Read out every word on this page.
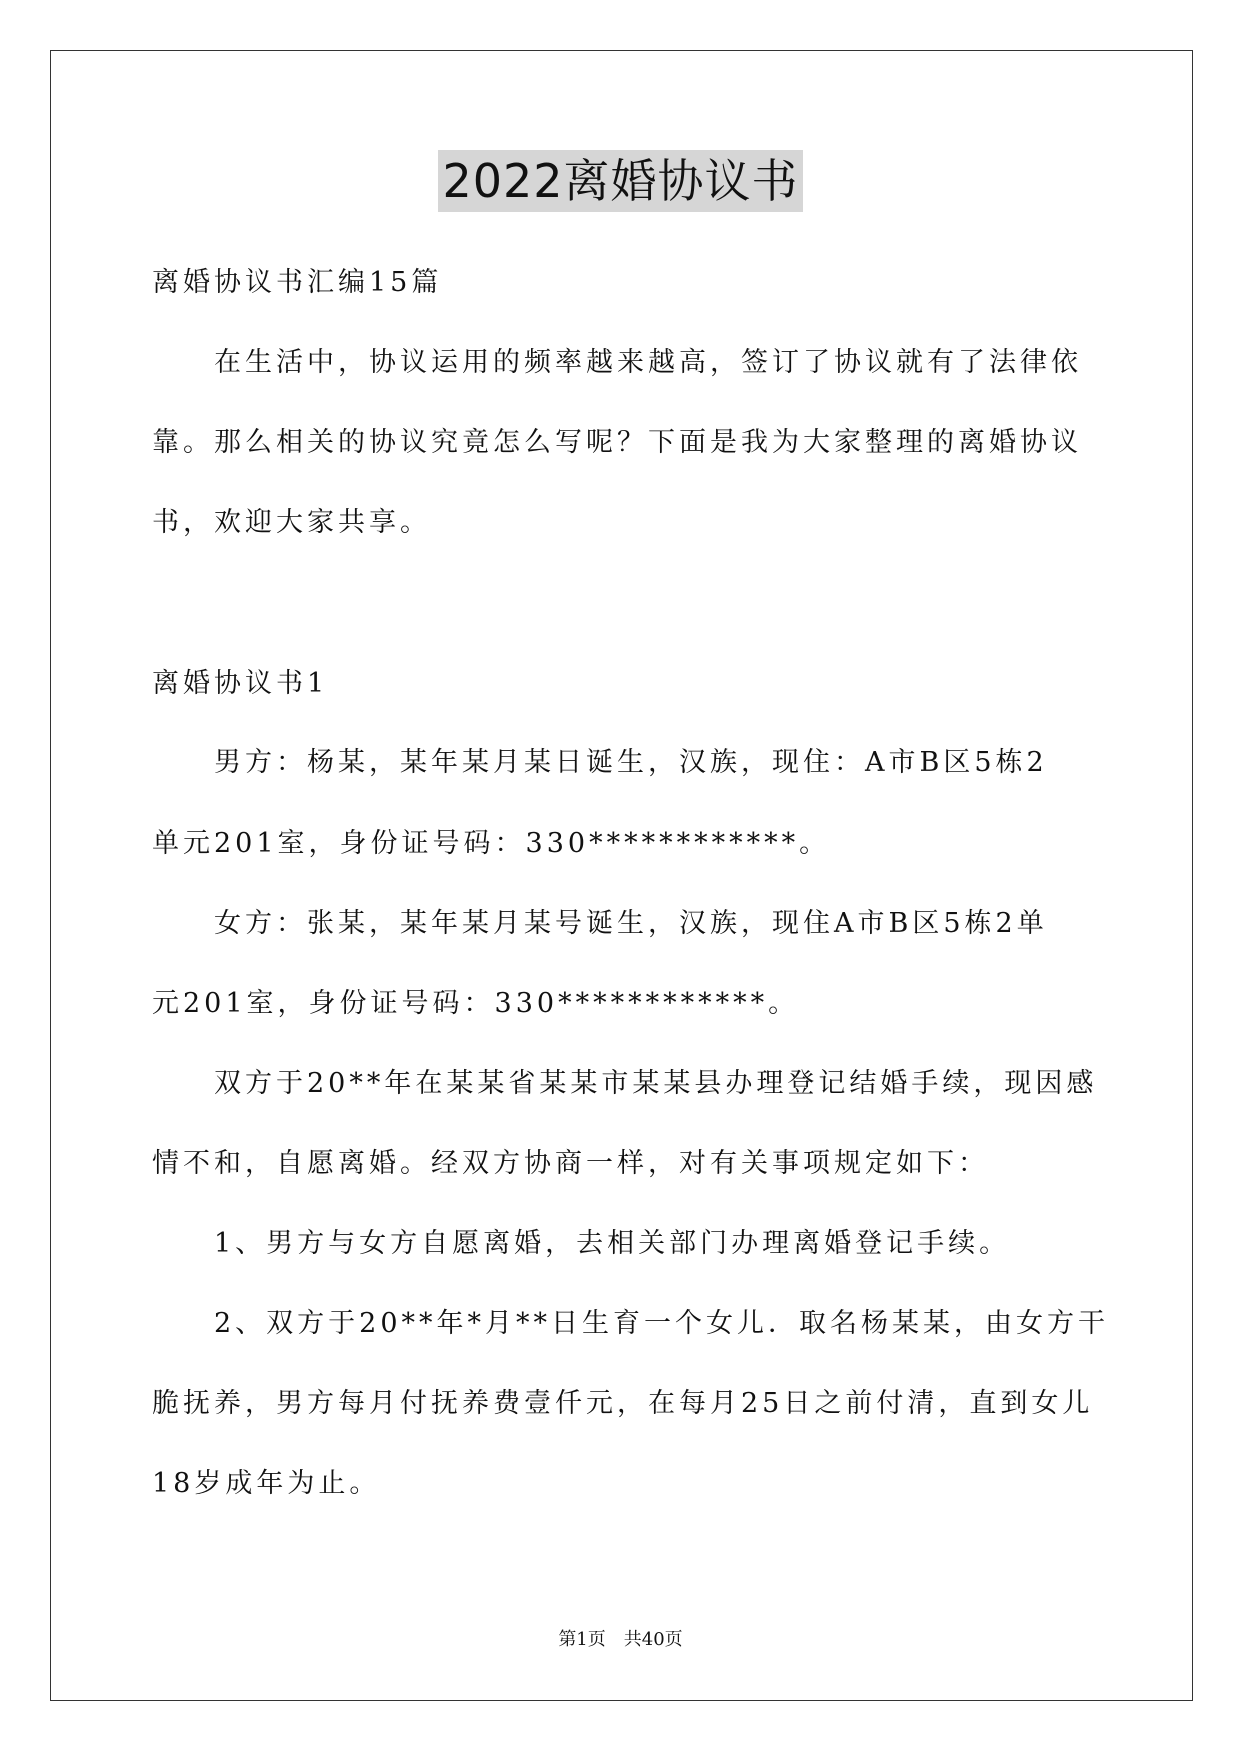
2022离婚协议书
离婚协议书汇编15篇
在生活中，协议运用的频率越来越高，签订了协议就有了法律依
靠。那么相关的协议究竟怎么写呢？下面是我为大家整理的离婚协议
书，欢迎大家共享。
离婚协议书1
男方：杨某，某年某月某日诞生，汉族，现住：A市B区5栋2
单元201室，身份证号码：330************。
女方：张某，某年某月某号诞生，汉族，现住A市B区5栋2单
元201室，身份证号码：330************。
双方于20**年在某某省某某市某某县办理登记结婚手续，现因感
情不和，自愿离婚。经双方协商一样，对有关事项规定如下：
1、男方与女方自愿离婚，去相关部门办理离婚登记手续。
2、双方于20**年*月**日生育一个女儿．取名杨某某，由女方干
脆抚养，男方每月付抚养费壹仟元，在每月25日之前付清，直到女儿
18岁成年为止。
第1页 共40页
